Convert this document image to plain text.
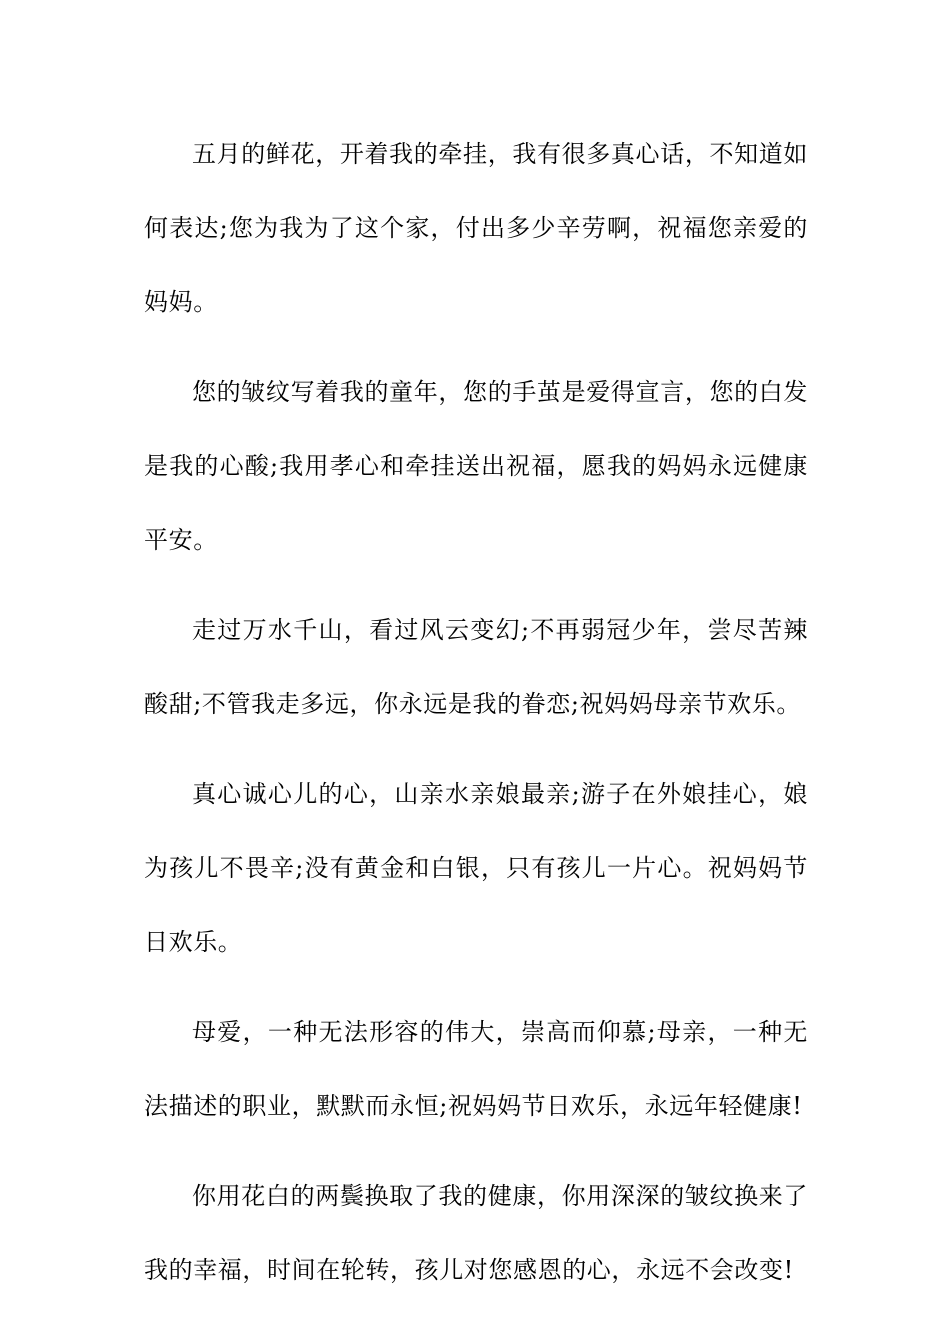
五月的鲜花，开着我的牵挂，我有很多真心话，不知道如何表达;您为我为了这个家，付出多少辛劳啊，祝福您亲爱的妈妈。

您的皱纹写着我的童年，您的手茧是爱得宣言，您的白发是我的心酸;我用孝心和牵挂送出祝福，愿我的妈妈永远健康平安。

走过万水千山，看过风云变幻;不再弱冠少年，尝尽苦辣酸甜;不管我走多远，你永远是我的眷恋;祝妈妈母亲节欢乐。

真心诚心儿的心，山亲水亲娘最亲;游子在外娘挂心，娘为孩儿不畏辛;没有黄金和白银，只有孩儿一片心。祝妈妈节日欢乐。

母爱，一种无法形容的伟大，崇高而仰慕;母亲，一种无法描述的职业，默默而永恒;祝妈妈节日欢乐，永远年轻健康!

你用花白的两鬓换取了我的健康，你用深深的皱纹换来了我的幸福，时间在轮转，孩儿对您感恩的心，永远不会改变!
